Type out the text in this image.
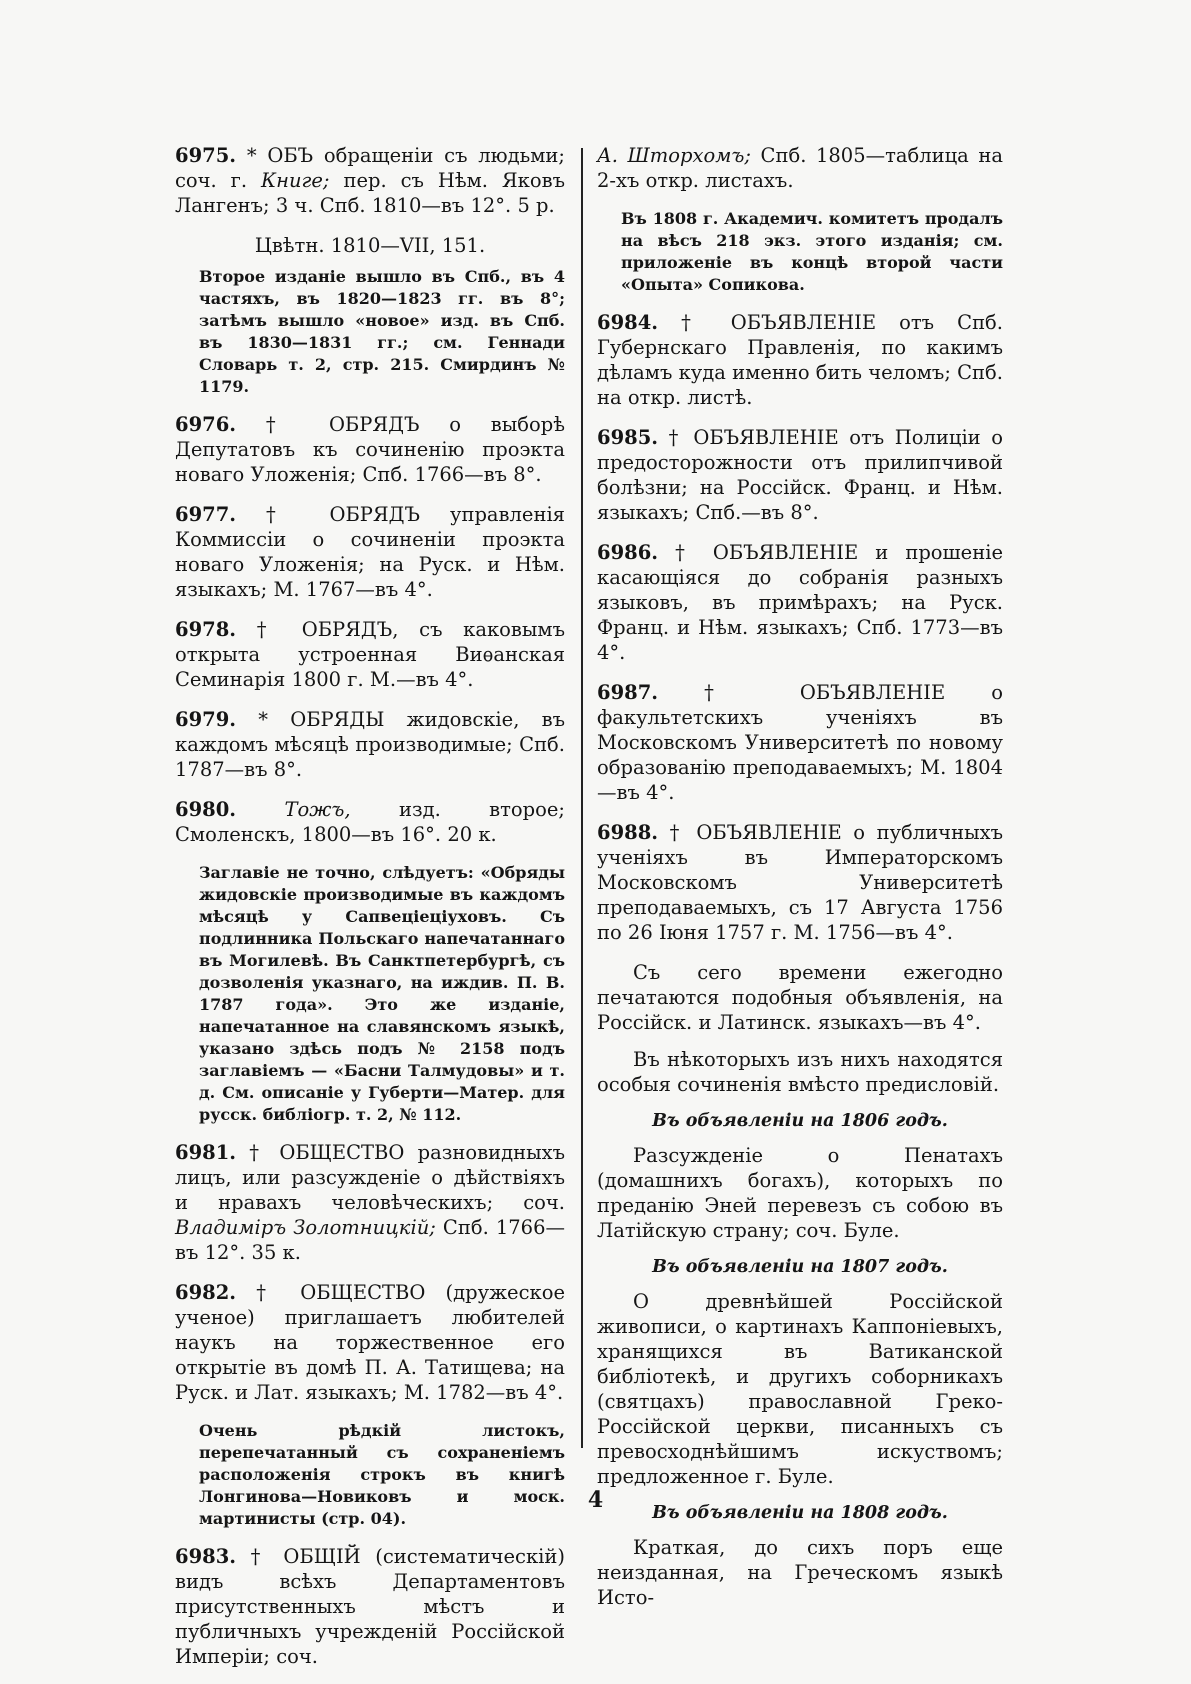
6975. * ОБЪ обращенiи съ людьми; соч. г. Книге; пер. съ Нѣм. Яковъ Лангенъ; 3 ч. Спб. 1810—въ 12°. 5 р.
Цвѣтн. 1810—VII, 151.
Второе изданiе вышло въ Спб., въ 4 частяхъ, въ 1820—1823 гг. въ 8°; затѣмъ вышло «новое» изд. въ Спб. въ 1830—1831 гг.; см. Геннади Словарь т. 2, стр. 215. Смирдинъ № 1179.
6976. † ОБРЯДЪ о выборѣ Депутатовъ къ сочиненiю проэкта новаго Уложенiя; Спб. 1766—въ 8°.
6977. † ОБРЯДЪ управленiя Коммиссiи о сочиненiи проэкта новаго Уложенiя; на Руск. и Нѣм. языкахъ; М. 1767—въ 4°.
6978. † ОБРЯДЪ, съ каковымъ открыта устроенная Виѳанская Семинарiя 1800 г. М.—въ 4°.
6979. * ОБРЯДЫ жидовскiе, въ каждомъ мѣсяцѣ производимые; Спб. 1787—въ 8°.
6980. Тожъ, изд. второе; Смоленскъ, 1800—въ 16°. 20 к.
Заглавiе не точно, слѣдуетъ: «Обряды жидовскiе производимые въ каждомъ мѣсяцѣ у Сапвецiецiуховъ. Съ подлинника Польскаго напечатаннаго въ Могилевѣ. Въ Санктпетербургѣ, съ дозволенiя указнаго, на иждив. П. В. 1787 года». Это же изданiе, напечатанное на славянскомъ языкѣ, указано здѣсь подъ № 2158 подъ заглавiемъ — «Басни Талмудовы» и т. д. См. описанiе у Губерти—Матер. для русск. библiогр. т. 2, № 112.
6981. † ОБЩЕСТВО разновидныхъ лицъ, или разсужденiе о дѣйствiяхъ и нравахъ человѣческихъ; соч. Владимiръ Золотницкiй; Спб. 1766—въ 12°. 35 к.
6982. † ОБЩЕСТВО (дружеское ученое) приглашаетъ любителей наукъ на торжественное его открытiе въ домѣ П. А. Татищева; на Руск. и Лат. языкахъ; М. 1782—въ 4°.
Очень рѣдкiй листокъ, перепечатанный съ сохраненiемъ расположенiя строкъ въ книгѣ Лонгинова—Новиковъ и моск. мартинисты (стр. 04).
6983. † ОБЩIЙ (систематическiй) видъ всѣхъ Департаментовъ присутственныхъ мѣстъ и публичныхъ учрежденiй Россiйской Имперiи; соч.
А. Шторхомъ; Спб. 1805—таблица на 2-хъ откр. листахъ.
Въ 1808 г. Академич. комитетъ продалъ на вѣсъ 218 экз. этого изданiя; см. приложенiе въ концѣ второй части «Опыта» Сопикова.
6984. † ОБЪЯВЛЕНIЕ отъ Спб. Губернскаго Правленiя, по какимъ дѣламъ куда именно бить челомъ; Спб. на откр. листѣ.
6985. † ОБЪЯВЛЕНIЕ отъ Полицiи о предосторожности отъ прилипчивой болѣзни; на Россiйск. Франц. и Нѣм. языкахъ; Спб.—въ 8°.
6986. † ОБЪЯВЛЕНIЕ и прошенiе касающiяся до собранiя разныхъ языковъ, въ примѣрахъ; на Руск. Франц. и Нѣм. языкахъ; Спб. 1773—въ 4°.
6987. † ОБЪЯВЛЕНIЕ о факультетскихъ ученiяхъ въ Московскомъ Университетѣ по новому образованiю преподаваемыхъ; М. 1804—въ 4°.
6988. † ОБЪЯВЛЕНIЕ о публичныхъ ученiяхъ въ Императорскомъ Московскомъ Университетѣ преподаваемыхъ, съ 17 Августа 1756 по 26 Iюня 1757 г. М. 1756—въ 4°.
Съ сего времени ежегодно печатаются подобныя объявленiя, на Россiйск. и Латинск. языкахъ—въ 4°.
Въ нѣкоторыхъ изъ нихъ находятся особыя сочиненiя вмѣсто предисловiй.
Въ объявленiи на 1806 годъ.
Разсужденiе о Пенатахъ (домашнихъ богахъ), которыхъ по преданiю Эней перевезъ съ собою въ Латiйскую страну; соч. Буле.
Въ объявленiи на 1807 годъ.
О древнѣйшей Россiйской живописи, о картинахъ Каппонiевыхъ, хранящихся въ Ватиканской библiотекѣ, и другихъ соборникахъ (святцахъ) православной Греко-Россiйской церкви, писанныхъ съ превосходнѣйшимъ искуствомъ; предложенное г. Буле.
Въ объявленiи на 1808 годъ.
Краткая, до сихъ поръ еще неизданная, на Греческомъ языкѣ Исто-
4
